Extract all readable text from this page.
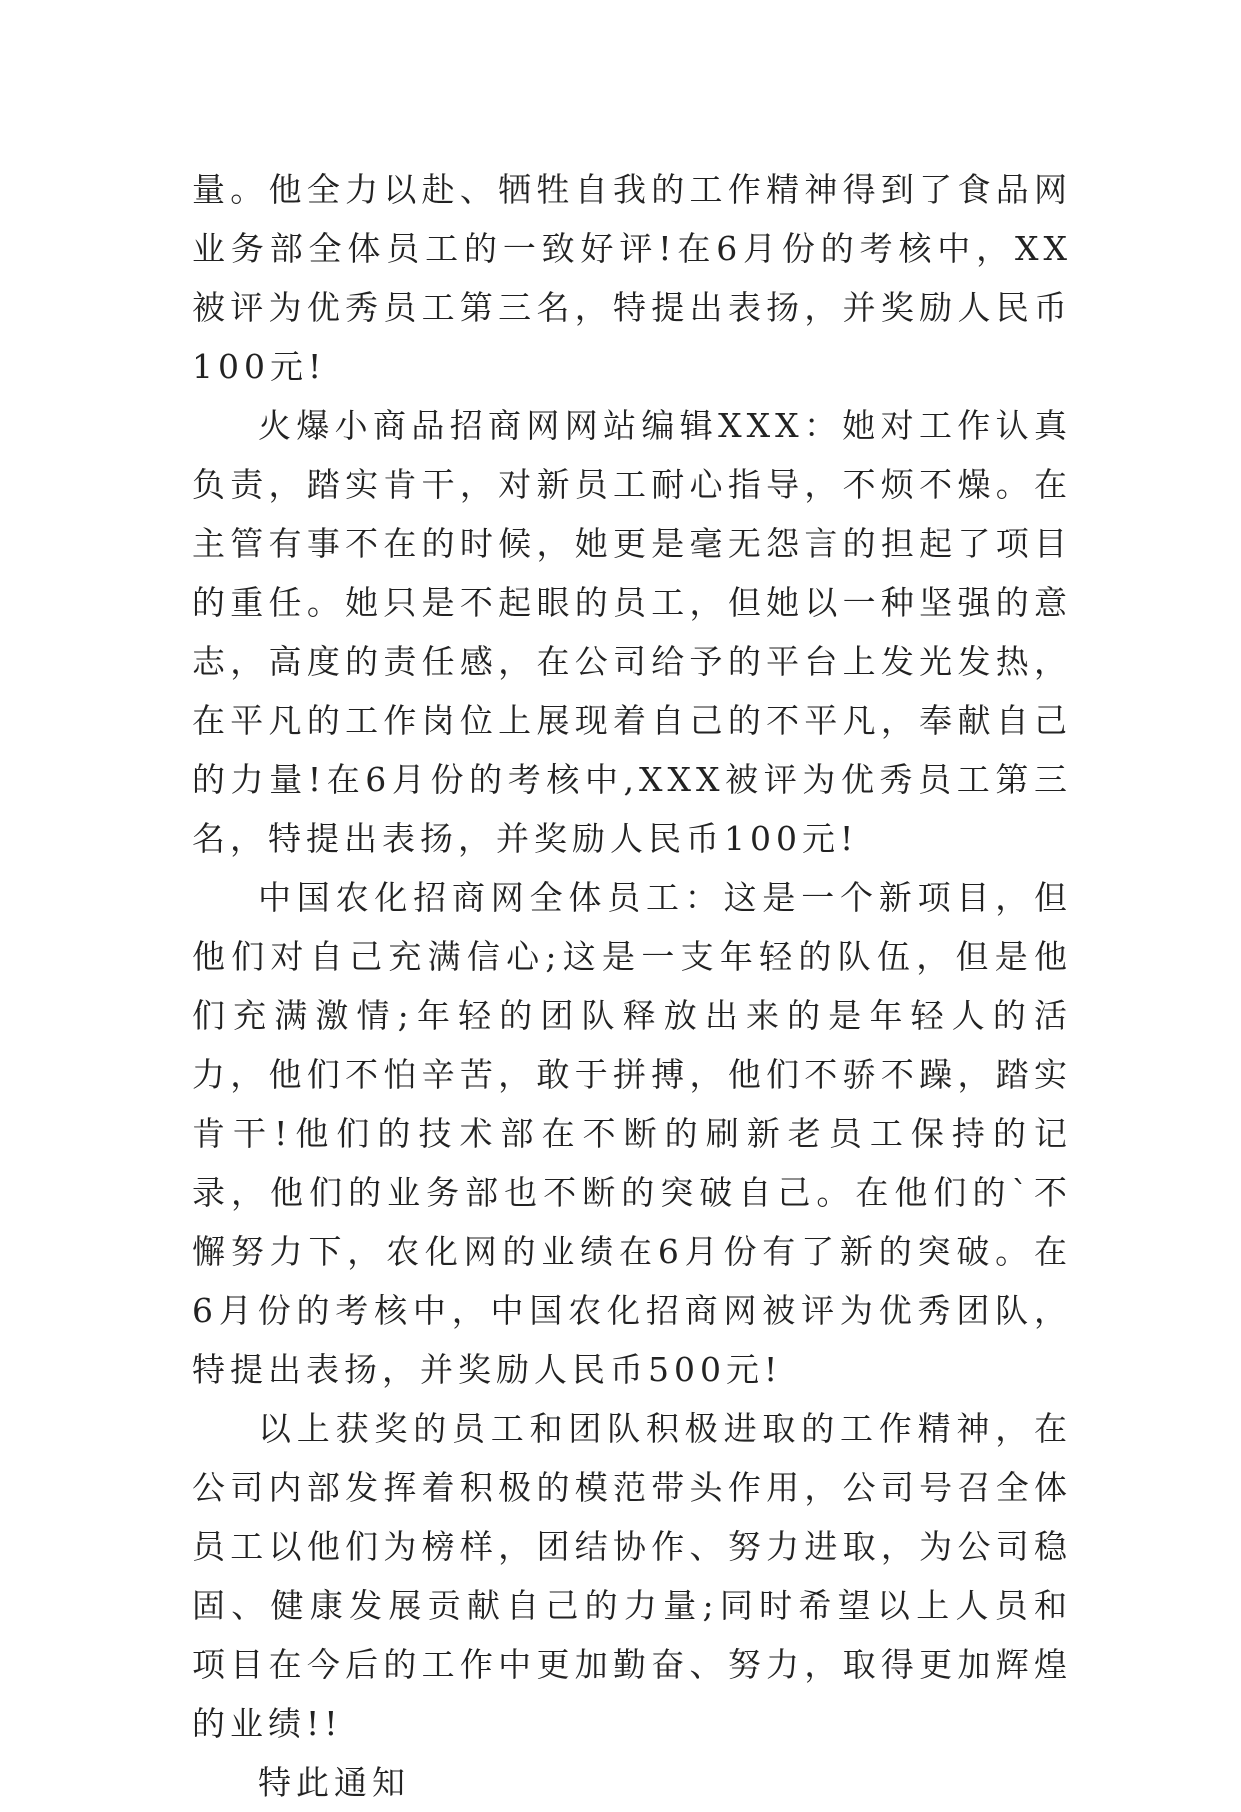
量。他全力以赴、牺牲自我的工作精神得到了食品网业务部全体员工的一致好评!在6月份的考核中，XX被评为优秀员工第三名，特提出表扬，并奖励人民币100元!

火爆小商品招商网网站编辑XXX：她对工作认真负责，踏实肯干，对新员工耐心指导，不烦不燥。在主管有事不在的时候，她更是毫无怨言的担起了项目的重任。她只是不起眼的员工，但她以一种坚强的意志，高度的责任感，在公司给予的平台上发光发热，在平凡的工作岗位上展现着自己的不平凡，奉献自己的力量!在6月份的考核中,XXX被评为优秀员工第三名，特提出表扬，并奖励人民币100元!

中国农化招商网全体员工：这是一个新项目，但他们对自己充满信心;这是一支年轻的队伍，但是他们充满激情;年轻的团队释放出来的是年轻人的活力，他们不怕辛苦，敢于拼搏，他们不骄不躁，踏实肯干!他们的技术部在不断的刷新老员工保持的记录，他们的业务部也不断的突破自己。在他们的`不懈努力下，农化网的业绩在6月份有了新的突破。在6月份的考核中，中国农化招商网被评为优秀团队，特提出表扬，并奖励人民币500元!

以上获奖的员工和团队积极进取的工作精神，在公司内部发挥着积极的模范带头作用，公司号召全体员工以他们为榜样，团结协作、努力进取，为公司稳固、健康发展贡献自己的力量;同时希望以上人员和项目在今后的工作中更加勤奋、努力，取得更加辉煌的业绩!!

特此通知
